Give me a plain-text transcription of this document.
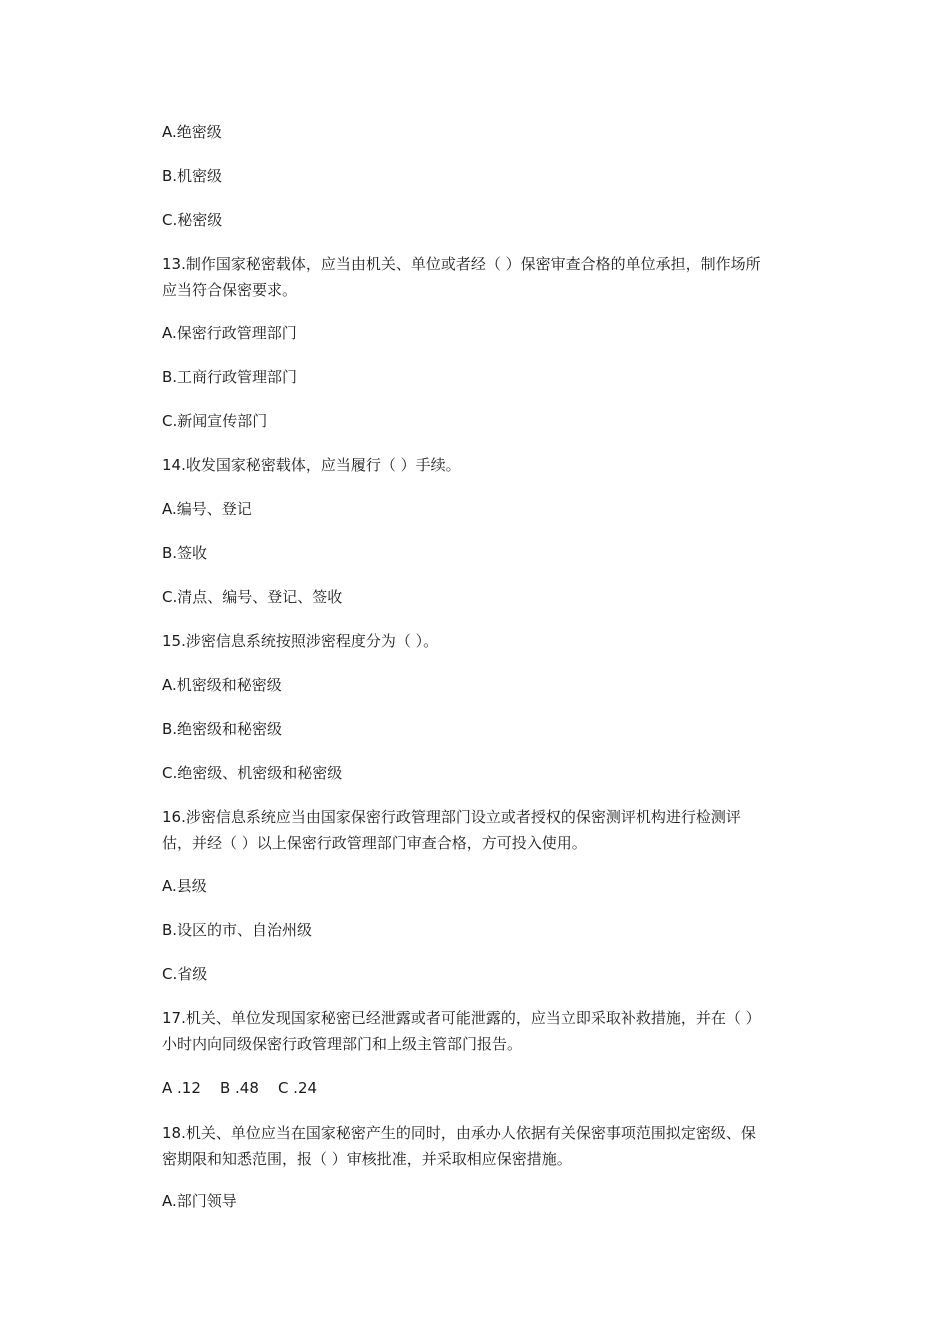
A.绝密级
B.机密级
C.秘密级
13.制作国家秘密载体，应当由机关、单位或者经（ ）保密审查合格的单位承担，制作场所
应当符合保密要求。
A.保密行政管理部门
B.工商行政管理部门
C.新闻宣传部门
14.收发国家秘密载体，应当履行（ ）手续。
A.编号、登记
B.签收
C.清点、编号、登记、签收
15.涉密信息系统按照涉密程度分为（ ）。
A.机密级和秘密级
B.绝密级和秘密级
C.绝密级、机密级和秘密级
16.涉密信息系统应当由国家保密行政管理部门设立或者授权的保密测评机构进行检测评
估，并经（ ）以上保密行政管理部门审查合格，方可投入使用。
A.县级
B.设区的市、自治州级
C.省级
17.机关、单位发现国家秘密已经泄露或者可能泄露的，应当立即采取补救措施，并在（ ）
小时内向同级保密行政管理部门和上级主管部门报告。
A .12    B .48    C .24
18.机关、单位应当在国家秘密产生的同时，由承办人依据有关保密事项范围拟定密级、保
密期限和知悉范围，报（ ）审核批准，并采取相应保密措施。
A.部门领导
